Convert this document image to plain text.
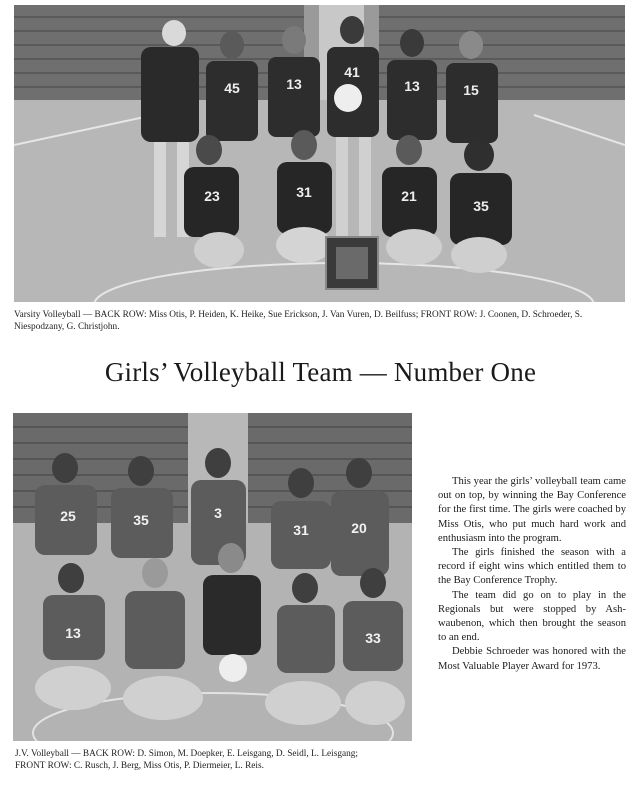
45	13
41
13	15
23	31	21
35
Varsity Volleyball — BACK ROW: Miss Otis, P. Heiden, K. Heike, Sue Erickson, J. Van Vuren, D. Beilfuss; FRONT ROW: J. Coonen, D. Schroeder, S. Niespodzany, G. Christjohn.
Girls’ Volleyball Team — Number One
25	35	3
31	20
13	33
J.V. Volleyball — BACK ROW: D. Simon, M. Doepker, E. Leisgang, D. Seidl, L. Leisgang;
FRONT ROW: C. Rusch, J. Berg, Miss Otis, P. Diermeier, L. Reis.

This year the girls’ volleyball team came out on top, by winning the Bay Conference for the first time. The girls were coached by Miss Otis, who put much hard work and enthusiasm into the program.

The girls finished the season with a record if eight wins which entitled them to the Bay Conference Trophy.

The team did go on to play in the Regionals but were stopped by Ash-waubenon, which then brought the season to an end.

Debbie Schroeder was honored with the Most Valuable Player Award for 1973.
